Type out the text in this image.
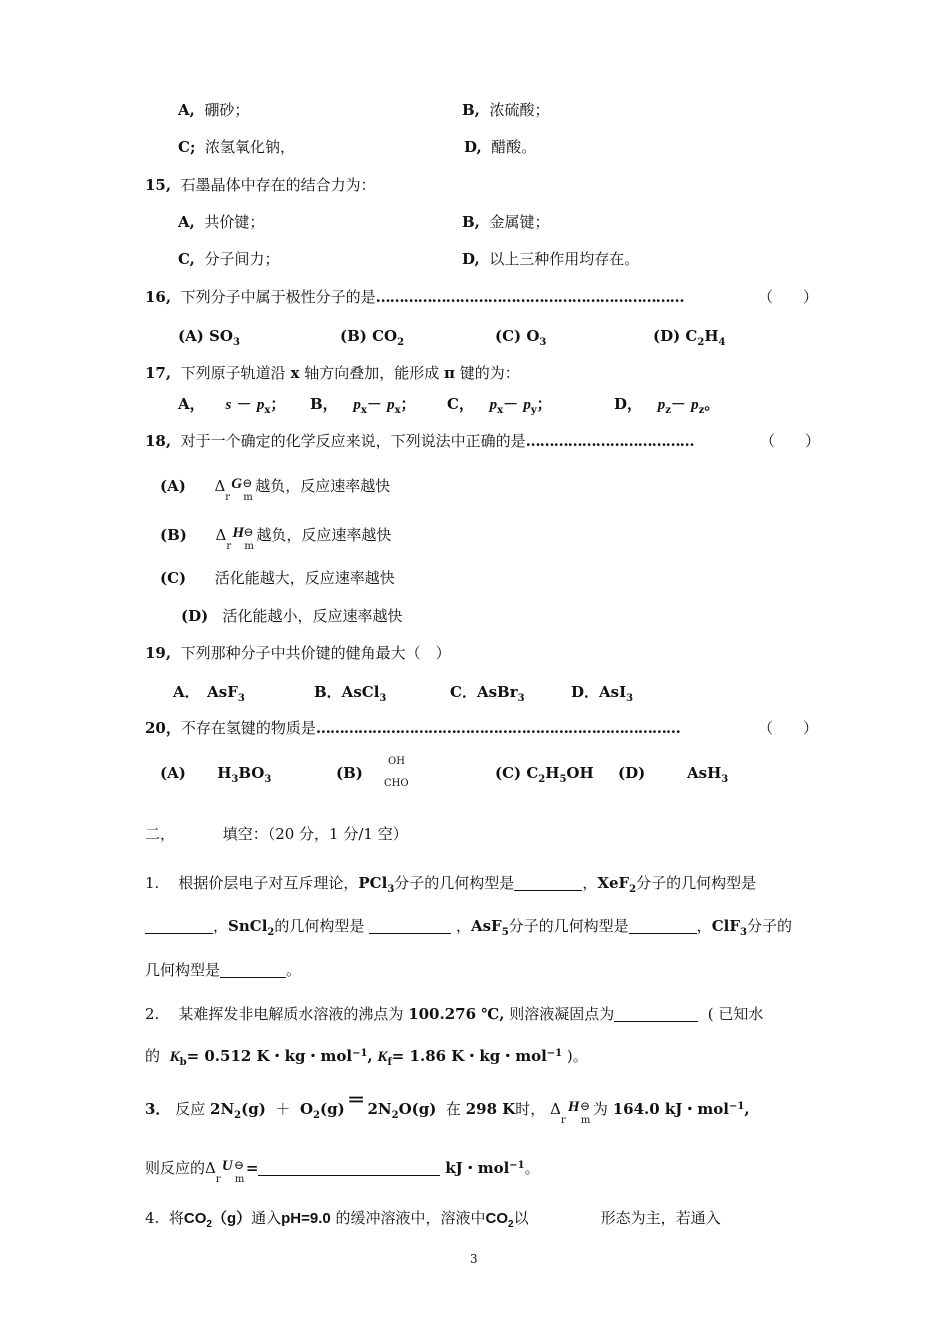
A, 硼砂；	B, 浓硫酸；
C; 浓氢氧化钠，	D, 醋酸。
15, 石墨晶体中存在的结合力为：
A, 共价键；	B, 金属键；
C, 分子间力；	D, 以上三种作用均存在。
16, 下列分子中属于极性分子的是…………………………………………………………	（　　）
(A) $SO_3$	(B) $CO_2$	(C) $O_3$	(D) $C_2H_4$
17, 下列原子轨道沿 x 轴方向叠加，能形成 π 键的为：
A， $s - p_x$； B， $p_x- p_x$； C， $p_x- p_y$；	D， $p_z- p_z$。
18, 对于一个确定的化学反应来说，下列说法中正确的是………………………………	（　　）
(A) Δ
r
G
m
⊖ 越负，反应速率越快
(B) Δ
r
H
m
⊖ 越负，反应速率越快
(C) 活化能越大，反应速率越快
(D) 活化能越小，反应速率越快
19, 下列那种分子中共价键的健角最大（　）
A．　AsF$_3$	B．AsCl$_3$	C．AsBr$_3$	D．AsI$_3$
20，不存在氢键的物质是……………………………………………………………………	（　　）
(A) $H_3BO_3$	(B)
OH
CHO
(C) $C_2H_5OH$ (D)	AsH$_3$
二，	填空：（20 分，1 分/1 空）
1. 根据价层电子对互斥理论，PCl$_3$分子的几何构型是	，XeF$_2$分子的几何构型是
，SnCl$_2$的几何构型是	，AsF$_5$分子的几何构型是	，ClF$_3$分子的
几何构型是	。
2. 某难挥发非电解质水溶液的沸点为 100.276 ℃, 则溶液凝固点为	( 已知水
的 $K_b= 0.512$ K・kg・mol$^{-1}$, $K_f= 1.86$ K・kg・mol$^{-1}$ )。
3． 反应 $2N_2(g) + O_2(g)$ ═ $2N_2O(g)$ 在 298 K时， Δ
r
H
m
⊖ 为 164.0 kJ・mol$^{-1}$,
则反应的Δ
r
U
m
⊖ =	kJ・mol$^{-1}$。
4. 将$CO_2(g)$通入pH=9.0 的缓冲溶液中，溶液中$CO_2$以	形态为主，若通入
3
